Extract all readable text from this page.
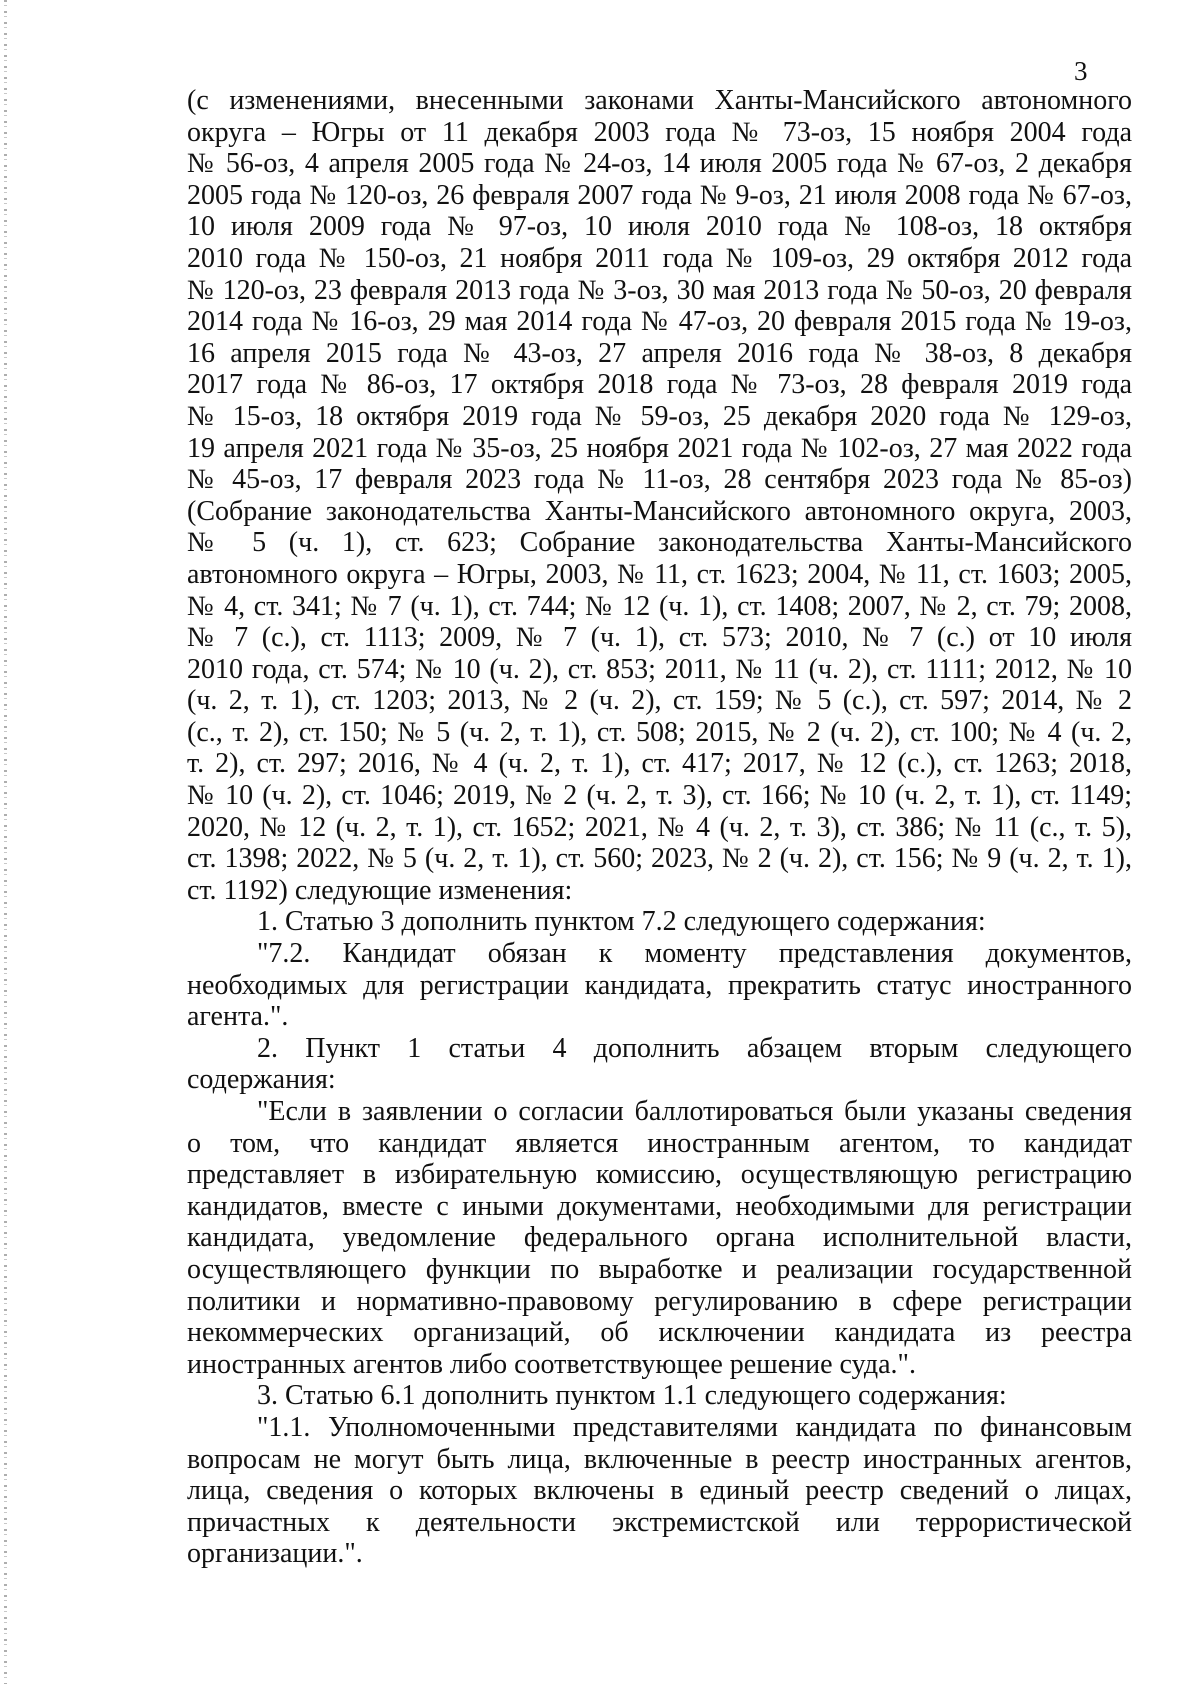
3
(с изменениями, внесенными законами Ханты-Мансийского автономного
округа – Югры от 11 декабря 2003 года № 73-оз, 15 ноября 2004 года
№ 56-оз, 4 апреля 2005 года № 24-оз, 14 июля 2005 года № 67-оз, 2 декабря
2005 года № 120-оз, 26 февраля 2007 года № 9-оз, 21 июля 2008 года № 67-оз,
10 июля 2009 года № 97-оз, 10 июля 2010 года № 108-оз, 18 октября
2010 года № 150-оз, 21 ноября 2011 года № 109-оз, 29 октября 2012 года
№ 120-оз, 23 февраля 2013 года № 3-оз, 30 мая 2013 года № 50-оз, 20 февраля
2014 года № 16-оз, 29 мая 2014 года № 47-оз, 20 февраля 2015 года № 19-оз,
16 апреля 2015 года № 43-оз, 27 апреля 2016 года № 38-оз, 8 декабря
2017 года № 86-оз, 17 октября 2018 года № 73-оз, 28 февраля 2019 года
№ 15-оз, 18 октября 2019 года № 59-оз, 25 декабря 2020 года № 129-оз,
19 апреля 2021 года № 35-оз, 25 ноября 2021 года № 102-оз, 27 мая 2022 года
№ 45-оз, 17 февраля 2023 года № 11-оз, 28 сентября 2023 года № 85-оз)
(Собрание законодательства Ханты-Мансийского автономного округа, 2003,
№ 5 (ч. 1), ст. 623; Собрание законодательства Ханты-Мансийского
автономного округа – Югры, 2003, № 11, ст. 1623; 2004, № 11, ст. 1603; 2005,
№ 4, ст. 341; № 7 (ч. 1), ст. 744; № 12 (ч. 1), ст. 1408; 2007, № 2, ст. 79; 2008,
№ 7 (с.), ст. 1113; 2009, № 7 (ч. 1), ст. 573; 2010, № 7 (с.) от 10 июля
2010 года, ст. 574; № 10 (ч. 2), ст. 853; 2011, № 11 (ч. 2), ст. 1111; 2012, № 10
(ч. 2, т. 1), ст. 1203; 2013, № 2 (ч. 2), ст. 159; № 5 (с.), ст. 597; 2014, № 2
(с., т. 2), ст. 150; № 5 (ч. 2, т. 1), ст. 508; 2015, № 2 (ч. 2), ст. 100; № 4 (ч. 2,
т. 2), ст. 297; 2016, № 4 (ч. 2, т. 1), ст. 417; 2017, № 12 (с.), ст. 1263; 2018,
№ 10 (ч. 2), ст. 1046; 2019, № 2 (ч. 2, т. 3), ст. 166; № 10 (ч. 2, т. 1), ст. 1149;
2020, № 12 (ч. 2, т. 1), ст. 1652; 2021, № 4 (ч. 2, т. 3), ст. 386; № 11 (с., т. 5),
ст. 1398; 2022, № 5 (ч. 2, т. 1), ст. 560; 2023, № 2 (ч. 2), ст. 156; № 9 (ч. 2, т. 1),
ст. 1192) следующие изменения:
1. Статью 3 дополнить пунктом 7.2 следующего содержания:
"7.2. Кандидат обязан к моменту представления документов,
необходимых для регистрации кандидата, прекратить статус иностранного
агента.".
2. Пункт 1 статьи 4 дополнить абзацем вторым следующего
содержания:
"Если в заявлении о согласии баллотироваться были указаны сведения
о том, что кандидат является иностранным агентом, то кандидат
представляет в избирательную комиссию, осуществляющую регистрацию
кандидатов, вместе с иными документами, необходимыми для регистрации
кандидата, уведомление федерального органа исполнительной власти,
осуществляющего функции по выработке и реализации государственной
политики и нормативно-правовому регулированию в сфере регистрации
некоммерческих организаций, об исключении кандидата из реестра
иностранных агентов либо соответствующее решение суда.".
3. Статью 6.1 дополнить пунктом 1.1 следующего содержания:
"1.1. Уполномоченными представителями кандидата по финансовым
вопросам не могут быть лица, включенные в реестр иностранных агентов,
лица, сведения о которых включены в единый реестр сведений о лицах,
причастных к деятельности экстремистской или террористической
организации.".
